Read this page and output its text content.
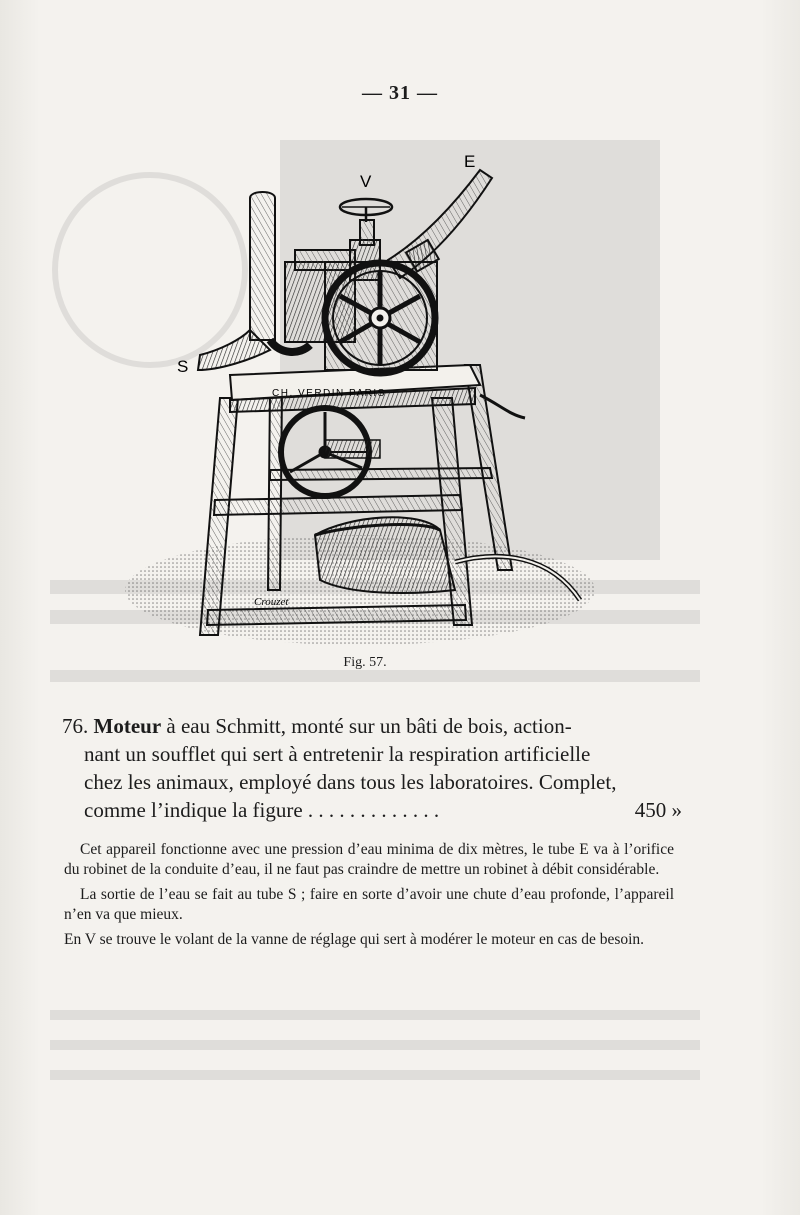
— 31 —
V
E
S
CH. VERDIN PARIS
Crouzet
Fig. 57.
76. Moteur à eau Schmitt, monté sur un bâti de bois, action-
nant un soufflet qui sert à entretenir la respiration artificielle
chez les animaux, employé dans tous les laboratoires. Complet,
comme l’indique la figure . . . . . . . . . . . . .	450 »

Cet appareil fonctionne avec une pression d’eau minima de dix mètres, le tube E va à l’orifice du robinet de la conduite d’eau, il ne faut pas craindre de mettre un robinet à débit considérable.

La sortie de l’eau se fait au tube S ; faire en sorte d’avoir une chute d’eau profonde, l’appareil n’en va que mieux.

En V se trouve le volant de la vanne de réglage qui sert à modérer le moteur en cas de besoin.
